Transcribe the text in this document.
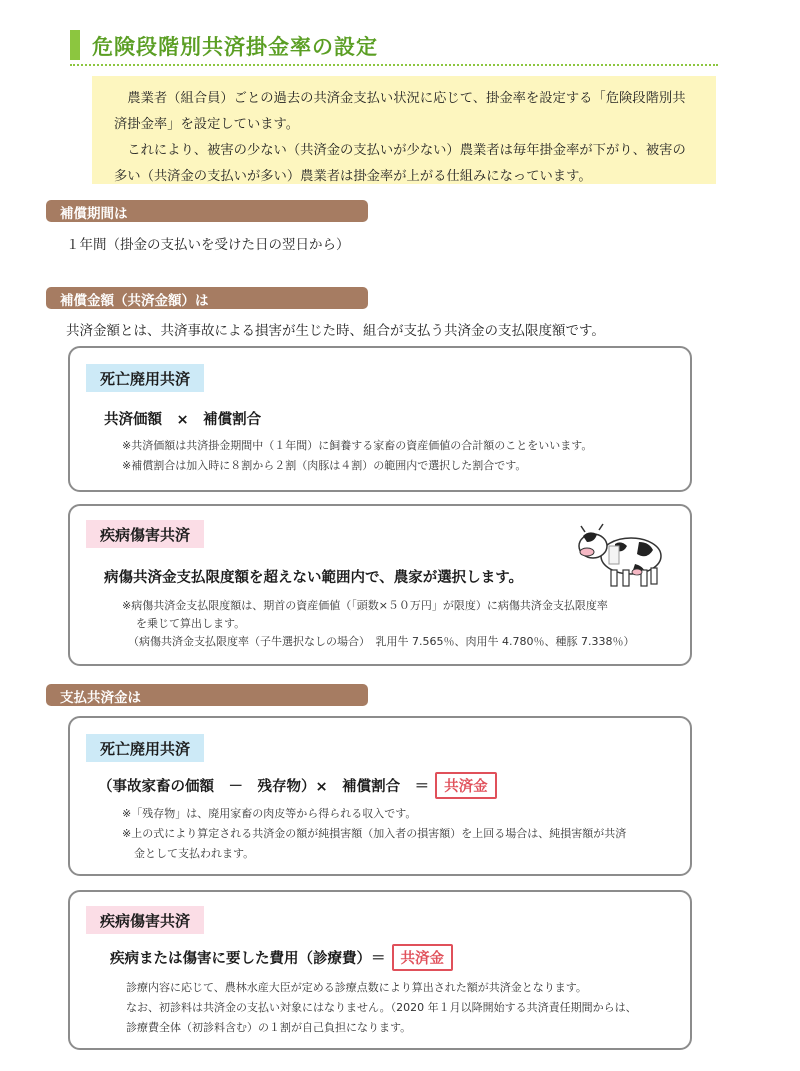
危険段階別共済掛金率の設定

農業者（組合員）ごとの過去の共済金支払い状況に応じて、掛金率を設定する「危険段階別共済掛金率」を設定しています。

これにより、被害の少ない（共済金の支払いが少ない）農業者は毎年掛金率が下がり、被害の多い（共済金の支払いが多い）農業者は掛金率が上がる仕組みになっています。

補償期間は
１年間（掛金の支払いを受けた日の翌日から）
補償金額（共済金額）は
共済金額とは、共済事故による損害が生じた時、組合が支払う共済金の支払限度額です。
死亡廃用共済
共済価額　×　補償割合
※共済価額は共済掛金期間中（１年間）に飼養する家畜の資産価値の合計額のことをいいます。
※補償割合は加入時に８割から２割（肉豚は４割）の範囲内で選択した割合です。
疾病傷害共済
病傷共済金支払限度額を超えない範囲内で、農家が選択します。
※病傷共済金支払限度額は、期首の資産価値（「頭数×５０万円」が限度）に病傷共済金支払限度率
を乗じて算出します。
（病傷共済金支払限度率（子牛選択なしの場合）　乳用牛 7.565％、肉用牛 4.780％、種豚 7.338％）
支払共済金は
死亡廃用共済
（事故家畜の価額　－　残存物）×　補償割合　＝ 共済金
※「残存物」は、廃用家畜の肉皮等から得られる収入です。
※上の式により算定される共済金の額が純損害額（加入者の損害額）を上回る場合は、純損害額が共済
金として支払われます。
疾病傷害共済
疾病または傷害に要した費用（診療費）＝ 共済金
診療内容に応じて、農林水産大臣が定める診療点数により算出された額が共済金となります。
なお、初診料は共済金の支払い対象にはなりません。（2020 年１月以降開始する共済責任期間からは、
診療費全体（初診料含む）の１割が自己負担になります。
